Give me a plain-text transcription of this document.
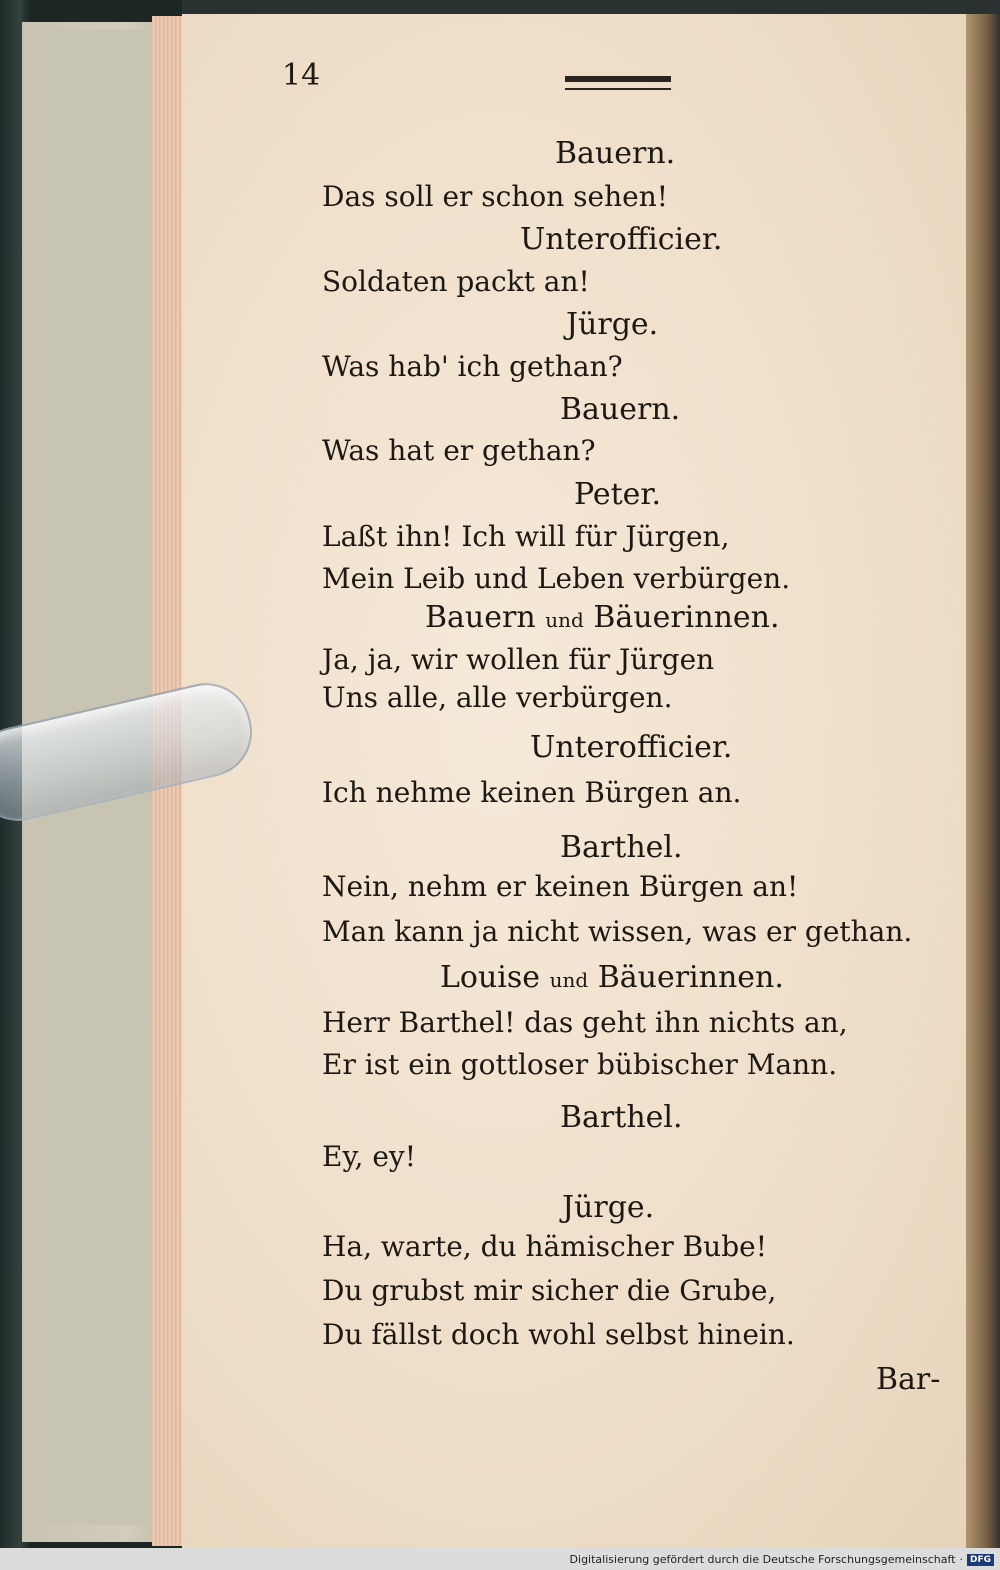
14
Bauern.
Das soll er schon sehen!
Unterofficier.
Soldaten packt an!
Jürge.
Was hab' ich gethan?
Bauern.
Was hat er gethan?
Peter.
Laßt ihn! Ich will für Jürgen,
Mein Leib und Leben verbürgen.
Bauern und Bäuerinnen.
Ja, ja, wir wollen für Jürgen
Uns alle, alle verbürgen.
Unterofficier.
Ich nehme keinen Bürgen an.
Barthel.
Nein, nehm er keinen Bürgen an!
Man kann ja nicht wissen, was er gethan.
Louise und Bäuerinnen.
Herr Barthel! das geht ihn nichts an,
Er ist ein gottloser bübischer Mann.
Barthel.
Ey, ey!
Jürge.
Ha, warte, du hämischer Bube!
Du grubst mir sicher die Grube,
Du fällst doch wohl selbst hinein.
Bar-
Digitalisierung gefördert durch die Deutsche Forschungsgemeinschaft · DFG
